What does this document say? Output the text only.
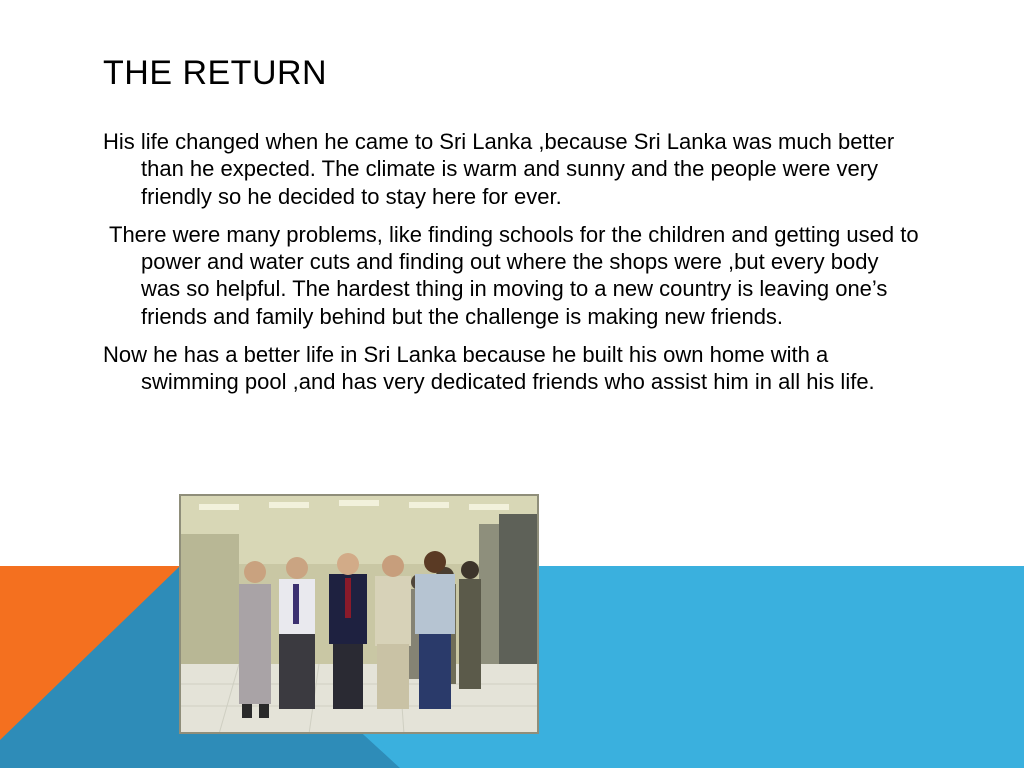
THE RETURN

His life changed when he came to Sri Lanka ,because Sri Lanka was much better than he expected. The climate is warm and sunny and the people were very friendly so he decided to stay here for ever.

There were many problems, like finding schools for the children and getting used to power and water cuts and finding out where the shops were ,but every body was so helpful. The hardest thing in moving to a new country is leaving one’s friends and family behind but the challenge is making new friends.

Now he has a better life in Sri Lanka because he built his own home with a swimming pool ,and has very dedicated friends who assist him in all his life.
